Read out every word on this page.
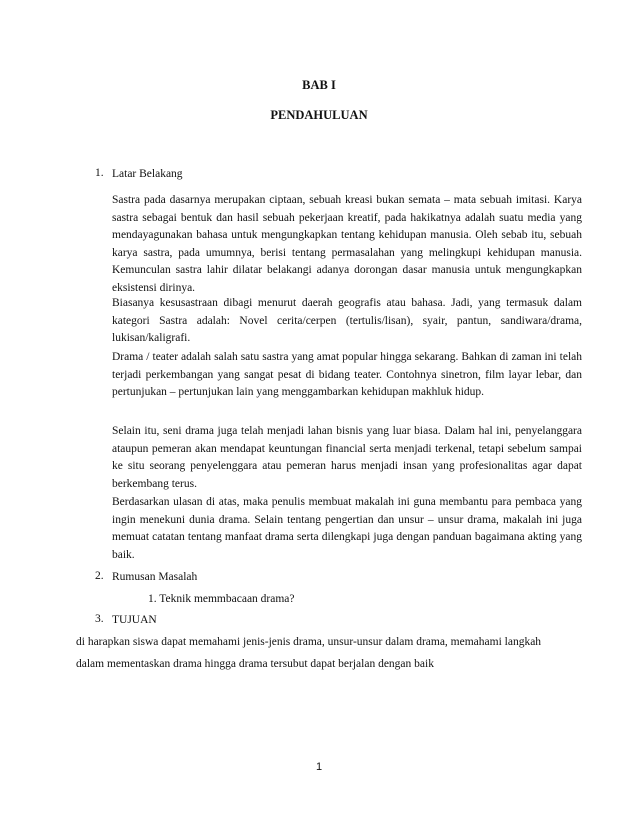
BAB I
PENDAHULUAN
1. Latar Belakang
Sastra pada dasarnya merupakan ciptaan, sebuah kreasi bukan semata – mata sebuah imitasi. Karya sastra sebagai bentuk dan hasil sebuah pekerjaan kreatif, pada hakikatnya adalah suatu media yang mendayagunakan bahasa untuk mengungkapkan tentang kehidupan manusia. Oleh sebab itu, sebuah karya sastra, pada umumnya, berisi tentang permasalahan yang melingkupi kehidupan manusia. Kemunculan sastra lahir dilatar belakangi adanya dorongan dasar manusia untuk mengungkapkan eksistensi dirinya.
Biasanya kesusastraan dibagi menurut daerah geografis atau bahasa. Jadi, yang termasuk dalam kategori Sastra adalah: Novel cerita/cerpen (tertulis/lisan), syair, pantun, sandiwara/drama, lukisan/kaligrafi.
Drama / teater adalah salah satu sastra yang amat popular hingga sekarang. Bahkan di zaman ini telah terjadi perkembangan yang sangat pesat di bidang teater. Contohnya sinetron, film layar lebar, dan pertunjukan – pertunjukan lain yang menggambarkan kehidupan makhluk hidup.
Selain itu, seni drama juga telah menjadi lahan bisnis yang luar biasa. Dalam hal ini, penyelanggara ataupun pemeran akan mendapat keuntungan financial serta menjadi terkenal, tetapi sebelum sampai ke situ seorang penyelenggara atau pemeran harus menjadi insan yang profesionalitas agar dapat berkembang terus.
Berdasarkan ulasan di atas, maka penulis membuat makalah ini guna membantu para pembaca yang ingin menekuni dunia drama. Selain tentang pengertian dan unsur – unsur drama, makalah ini juga memuat catatan tentang manfaat drama serta dilengkapi juga dengan panduan bagaimana akting yang baik.
2. Rumusan Masalah
1. Teknik memmbacaan drama?
3. TUJUAN
di harapkan siswa dapat memahami jenis-jenis drama, unsur-unsur dalam drama, memahami langkah
dalam mementaskan drama hingga drama tersubut dapat berjalan dengan baik
1
